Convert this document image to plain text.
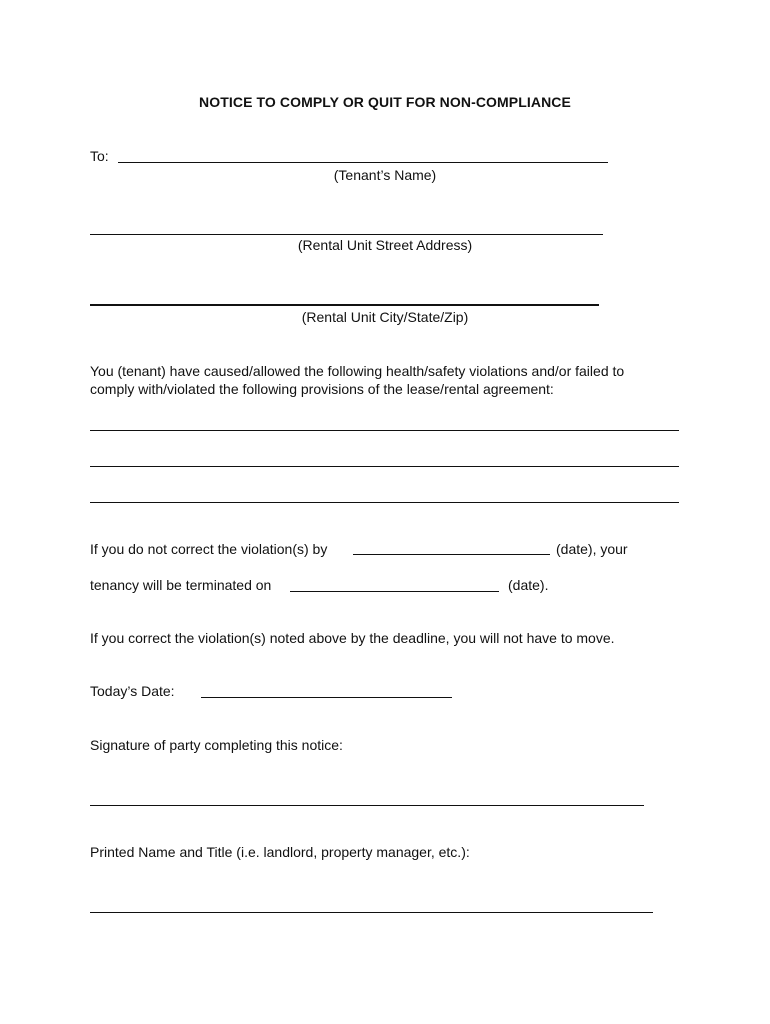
NOTICE TO COMPLY OR QUIT FOR NON-COMPLIANCE
To:
(Tenant’s Name)
(Rental Unit Street Address)
(Rental Unit City/State/Zip)
You (tenant) have caused/allowed the following health/safety violations and/or failed to
comply with/violated the following provisions of the lease/rental agreement:
If you do not correct the violation(s) by	(date), your
tenancy will be terminated on	(date).
If you correct the violation(s) noted above by the deadline, you will not have to move.
Today’s Date:
Signature of party completing this notice:
Printed Name and Title (i.e. landlord, property manager, etc.):
